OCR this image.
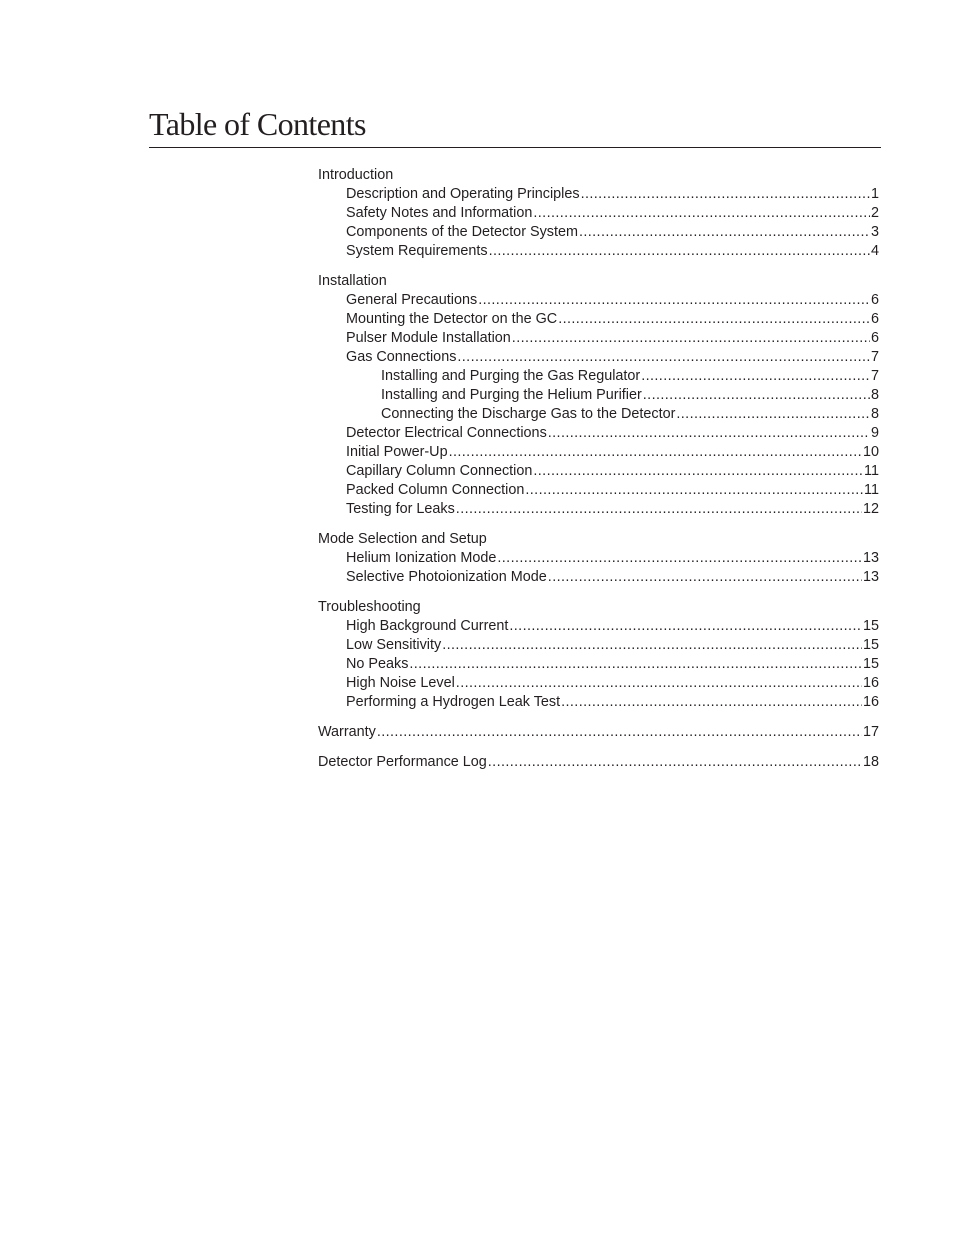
Table of Contents
Introduction
Description and Operating Principles .....	1
Safety Notes and Information .....	2
Components of the Detector System .....	3
System Requirements .....	4
Installation
General Precautions .....	6
Mounting the Detector on the GC .....	6
Pulser Module Installation .....	6
Gas Connections .....	7
Installing and Purging the Gas Regulator .....	7
Installing and Purging the Helium Purifier .....	8
Connecting the Discharge Gas to the Detector .....	8
Detector Electrical Connections .....	9
Initial Power-Up .....	10
Capillary Column Connection .....	11
Packed Column Connection .....	11
Testing for Leaks .....	12
Mode Selection and Setup
Helium Ionization Mode .....	13
Selective Photoionization Mode .....	13
Troubleshooting
High Background Current .....	15
Low Sensitivity .....	15
No Peaks .....	15
High Noise Level .....	16
Performing a Hydrogen Leak Test .....	16
Warranty .....	17
Detector Performance Log .....	18
